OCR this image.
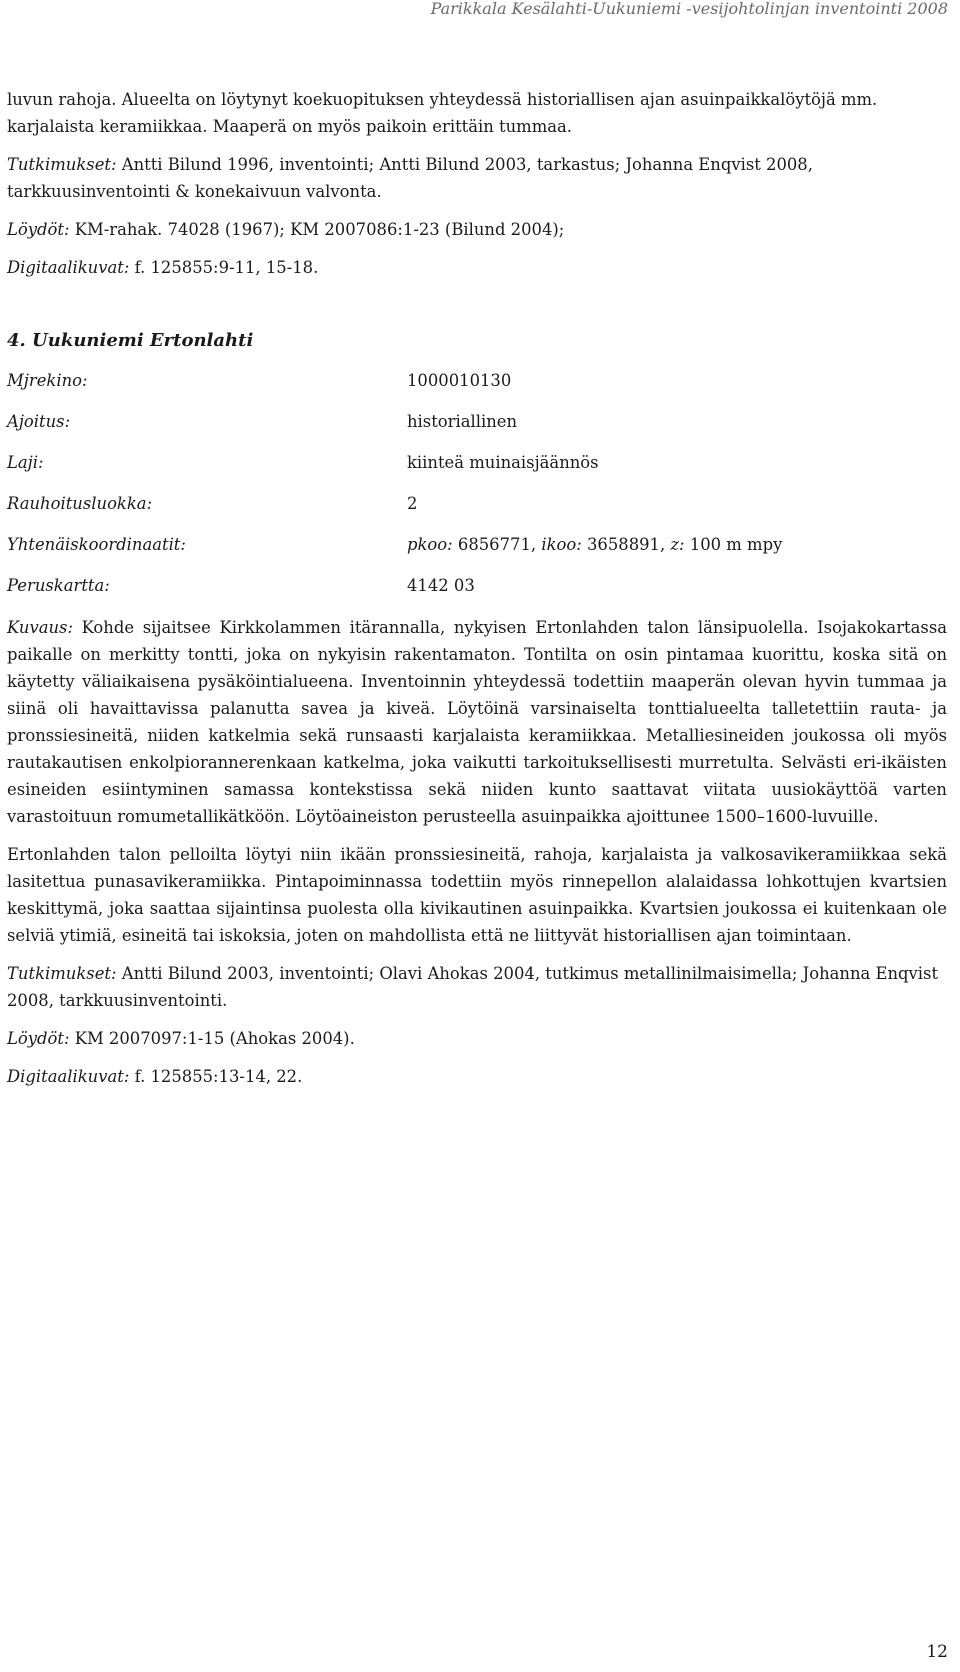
Parikkala Kesälahti-Uukuniemi -vesijohtolinjan inventointi 2008

luvun rahoja. Alueelta on löytynyt koekuopituksen yhteydessä historiallisen ajan asuinpaikkalöytöjä mm. karjalaista keramiikkaa. Maaperä on myös paikoin erittäin tummaa.

Tutkimukset: Antti Bilund 1996, inventointi; Antti Bilund 2003, tarkastus; Johanna Enqvist 2008, tarkkuusinventointi & konekaivuun valvonta.

Löydöt: KM-rahak. 74028 (1967); KM 2007086:1-23 (Bilund 2004);

Digitaalikuvat: f. 125855:9-11, 15-18.

4. Uukuniemi Ertonlahti
Mjrekino:	1000010130
Ajoitus:	historiallinen
Laji:	kiinteä muinaisjäännös
Rauhoitusluokka:	2
Yhtenäiskoordinaatit:	pkoo: 6856771, ikoo: 3658891, z: 100 m mpy
Peruskartta:	4142 03

Kuvaus: Kohde sijaitsee Kirkkolammen itärannalla, nykyisen Ertonlahden talon länsipuolella. Isojakokartassa paikalle on merkitty tontti, joka on nykyisin rakentamaton. Tontilta on osin pintamaa kuorittu, koska sitä on käytetty väliaikaisena pysäköintialueena. Inventoinnin yhteydessä todettiin maaperän olevan hyvin tummaa ja siinä oli havaittavissa palanutta savea ja kiveä. Löytöinä varsinaiselta tonttialueelta talletettiin rauta- ja pronssiesineitä, niiden katkelmia sekä runsaasti karjalaista keramiikkaa. Metalliesineiden joukossa oli myös rautakautisen enkolpiorannerenkaan katkelma, joka vaikutti tarkoituksellisesti murretulta. Selvästi eri-ikäisten esineiden esiintyminen samassa kontekstissa sekä niiden kunto saattavat viitata uusiokäyttöä varten varastoituun romumetallikätköön. Löytöaineiston perusteella asuinpaikka ajoittunee 1500–1600-luvuille.

Ertonlahden talon pelloilta löytyi niin ikään pronssiesineitä, rahoja, karjalaista ja valkosavikeramiikkaa sekä lasitettua punasavikeramiikka. Pintapoiminnassa todettiin myös rinnepellon alalaidassa lohkottujen kvartsien keskittymä, joka saattaa sijaintinsa puolesta olla kivikautinen asuinpaikka. Kvartsien joukossa ei kuitenkaan ole selviä ytimiä, esineitä tai iskoksia, joten on mahdollista että ne liittyvät historiallisen ajan toimintaan.

Tutkimukset: Antti Bilund 2003, inventointi; Olavi Ahokas 2004, tutkimus metallinilmaisimella; Johanna Enqvist 2008, tarkkuusinventointi.

Löydöt: KM 2007097:1-15 (Ahokas 2004).

Digitaalikuvat: f. 125855:13-14, 22.

12
